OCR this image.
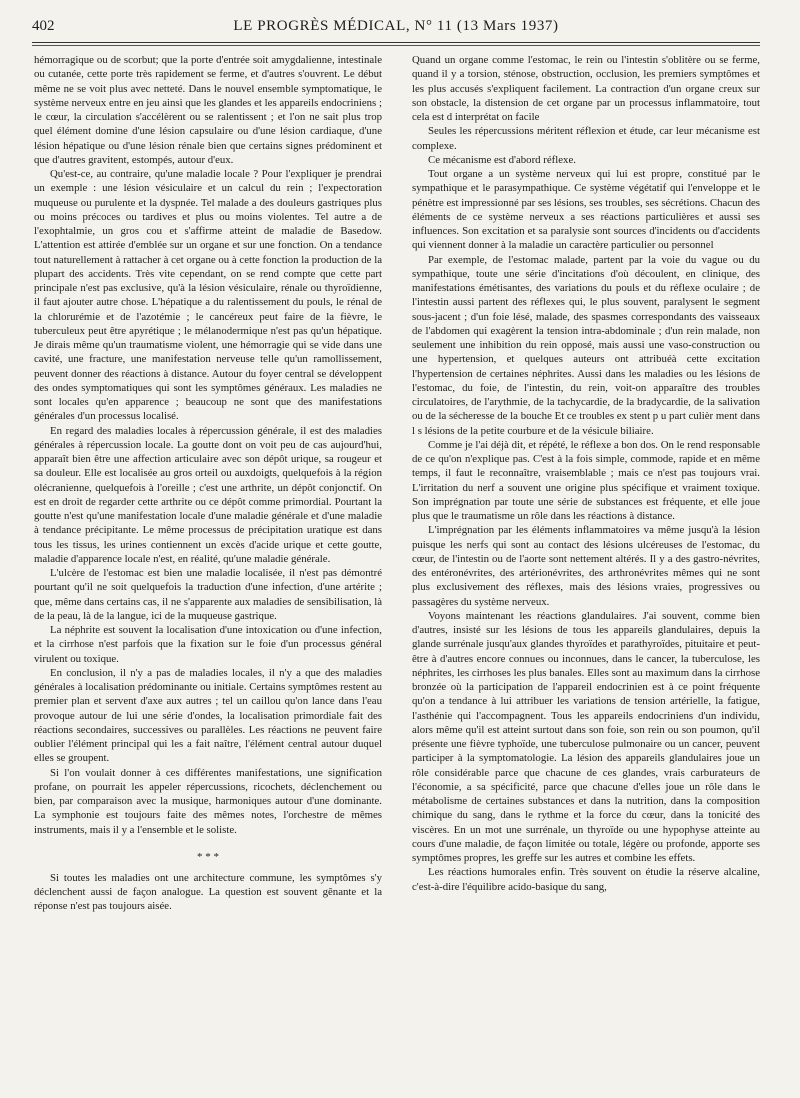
402	LE PROGRÈS MÉDICAL, N° 11 (13 Mars 1937)

hémorragique ou de scorbut; que la porte d'entrée soit amygdalienne, intestinale ou cutanée, cette porte très rapidement se ferme, et d'autres s'ouvrent. Le début même ne se voit plus avec netteté. Dans le nouvel ensemble symptomatique, le système nerveux entre en jeu ainsi que les glandes et les appareils endocriniens ; le cœur, la circulation s'accélèrent ou se ralentissent ; et l'on ne sait plus trop quel élément domine d'une lésion capsulaire ou d'une lésion cardiaque, d'une lésion hépatique ou d'une lésion rénale bien que certains signes prédominent et que d'autres gravitent, estompés, autour d'eux.

Qu'est-ce, au contraire, qu'une maladie locale ? Pour l'expliquer je prendrai un exemple : une lésion vésiculaire et un calcul du rein ; l'expectoration muqueuse ou purulente et la dyspnée. Tel malade a des douleurs gastriques plus ou moins précoces ou tardives et plus ou moins violentes. Tel autre a de l'exophtalmie, un gros cou et s'affirme atteint de maladie de Basedow. L'attention est attirée d'emblée sur un organe et sur une fonction. On a tendance tout naturellement à rattacher à cet organe ou à cette fonction la production de la plupart des accidents. Très vite cependant, on se rend compte que cette part principale n'est pas exclusive, qu'à la lésion vésiculaire, rénale ou thyroïdienne, il faut ajouter autre chose. L'hépatique a du ralentissement du pouls, le rénal de la chlorurémie et de l'azotémie ; le cancéreux peut faire de la fièvre, le tuberculeux peut être apyrétique ; le mélanodermique n'est pas qu'un hépatique. Je dirais même qu'un traumatisme violent, une hémorragie qui se vide dans une cavité, une fracture, une manifestation nerveuse telle qu'un ramollissement, peuvent donner des réactions à distance. Autour du foyer central se développent des ondes symptomatiques qui sont les symptômes généraux. Les maladies ne sont locales qu'en apparence ; beaucoup ne sont que des manifestations générales d'un processus localisé.

En regard des maladies locales à répercussion générale, il est des maladies générales à répercussion locale. La goutte dont on voit peu de cas aujourd'hui, apparaît bien être une affection articulaire avec son dépôt urique, sa rougeur et sa douleur. Elle est localisée au gros orteil ou auxdoigts, quelquefois à la région olécranienne, quelquefois à l'oreille ; c'est une arthrite, un dépôt conjonctif. On est en droit de regarder cette arthrite ou ce dépôt comme primordial. Pourtant la goutte n'est qu'une manifestation locale d'une maladie générale et d'une maladie à tendance précipitante. Le même processus de précipitation uratique est dans tous les tissus, les urines contiennent un excès d'acide urique et cette goutte, maladie d'apparence locale n'est, en réalité, qu'une maladie générale.

L'ulcère de l'estomac est bien une maladie localisée, il n'est pas démontré pourtant qu'il ne soit quelquefois la traduction d'une infection, d'une artérite ; que, même dans certains cas, il ne s'apparente aux maladies de sensibilisation, là de la peau, là de la langue, ici de la muqueuse gastrique.

La néphrite est souvent la localisation d'une intoxication ou d'une infection, et la cirrhose n'est parfois que la fixation sur le foie d'un processus général virulent ou toxique.

En conclusion, il n'y a pas de maladies locales, il n'y a que des maladies générales à localisation prédominante ou initiale. Certains symptômes restent au premier plan et servent d'axe aux autres ; tel un caillou qu'on lance dans l'eau provoque autour de lui une série d'ondes, la localisation primordiale fait des réactions secondaires, successives ou parallèles. Les réactions ne peuvent faire oublier l'élément principal qui les a fait naître, l'élément central autour duquel elles se groupent.

Si l'on voulait donner à ces différentes manifestations, une signification profane, on pourrait les appeler répercussions, ricochets, déclenchement ou bien, par comparaison avec la musique, harmoniques autour d'une dominante. La symphonie est toujours faite des mêmes notes, l'orchestre de mêmes instruments, mais il y a l'ensemble et le soliste.

* * *

Si toutes les maladies ont une architecture commune, les symptômes s'y déclenchent aussi de façon analogue. La question est souvent gênante et la réponse n'est pas toujours aisée.

Quand un organe comme l'estomac, le rein ou l'intestin s'oblitère ou se ferme, quand il y a torsion, sténose, obstruction, occlusion, les premiers symptômes et les plus accusés s'expliquent facilement. La contraction d'un organe creux sur son obstacle, la distension de cet organe par un processus inflammatoire, tout cela est d interprétat on facile

Seules les répercussions méritent réflexion et étude, car leur mécanisme est complexe.

Ce mécanisme est d'abord réflexe.

Tout organe a un système nerveux qui lui est propre, constitué par le sympathique et le parasympathique. Ce système végétatif qui l'enveloppe et le pénètre est impressionné par ses lésions, ses troubles, ses sécrétions. Chacun des éléments de ce système nerveux a ses réactions particulières et aussi ses influences. Son excitation et sa paralysie sont sources d'incidents ou d'accidents qui viennent donner à la maladie un caractère particulier ou personnel

Par exemple, de l'estomac malade, partent par la voie du vague ou du sympathique, toute une série d'incitations d'où découlent, en clinique, des manifestations émétisantes, des variations du pouls et du réflexe oculaire ; de l'intestin aussi partent des réflexes qui, le plus souvent, paralysent le segment sous-jacent ; d'un foie lésé, malade, des spasmes correspondants des vaisseaux de l'abdomen qui exagèrent la tension intra-abdominale ; d'un rein malade, non seulement une inhibition du rein opposé, mais aussi une vaso-construction ou une hypertension, et quelques auteurs ont attribuéà cette excitation l'hypertension de certaines néphrites. Aussi dans les maladies ou les lésions de l'estomac, du foie, de l'intestin, du rein, voit-on apparaître des troubles circulatoires, de l'arythmie, de la tachycardie, de la bradycardie, de la salivation ou de la sécheresse de la bouche Et ce troubles ex stent p u part culièr ment dans l s lésions de la petite courbure et de la vésicule biliaire.

Comme je l'ai déjà dit, et répété, le réflexe a bon dos. On le rend responsable de ce qu'on n'explique pas. C'est à la fois simple, commode, rapide et en même temps, il faut le reconnaître, vraisemblable ; mais ce n'est pas toujours vrai. L'irritation du nerf a souvent une origine plus spécifique et vraiment toxique. Son imprégnation par toute une série de substances est fréquente, et elle joue plus que le traumatisme un rôle dans les réactions à distance.

L'imprégnation par les éléments inflammatoires va même jusqu'à la lésion puisque les nerfs qui sont au contact des lésions ulcéreuses de l'estomac, du cœur, de l'intestin ou de l'aorte sont nettement altérés. Il y a des gastro-névrites, des entéronévrites, des artérionévrites, des arthronévrites mêmes qui ne sont plus exclusivement des réflexes, mais des lésions vraies, progressives ou passagères du système nerveux.

Voyons maintenant les réactions glandulaires. J'ai souvent, comme bien d'autres, insisté sur les lésions de tous les appareils glandulaires, depuis la glande surrénale jusqu'aux glandes thyroïdes et parathyroïdes, pituitaire et peut-être à d'autres encore connues ou inconnues, dans le cancer, la tuberculose, les néphrites, les cirrhoses les plus banales. Elles sont au maximum dans la cirrhose bronzée où la participation de l'appareil endocrinien est à ce point fréquente qu'on a tendance à lui attribuer les variations de tension artérielle, la fatigue, l'asthénie qui l'accompagnent. Tous les appareils endocriniens d'un individu, alors même qu'il est atteint surtout dans son foie, son rein ou son poumon, qu'il présente une fièvre typhoïde, une tuberculose pulmonaire ou un cancer, peuvent participer à la symptomatologie. La lésion des appareils glandulaires joue un rôle considérable parce que chacune de ces glandes, vrais carburateurs de l'économie, a sa spécificité, parce que chacune d'elles joue un rôle dans le métabolisme de certaines substances et dans la nutrition, dans la composition chimique du sang, dans le rythme et la force du cœur, dans la tonicité des viscères. En un mot une surrénale, un thyroïde ou une hypophyse atteinte au cours d'une maladie, de façon limitée ou totale, légère ou profonde, apporte ses symptômes propres, les greffe sur les autres et combine les effets.

Les réactions humorales enfin. Très souvent on étudie la réserve alcaline, c'est-à-dire l'équilibre acido-basique du sang,
